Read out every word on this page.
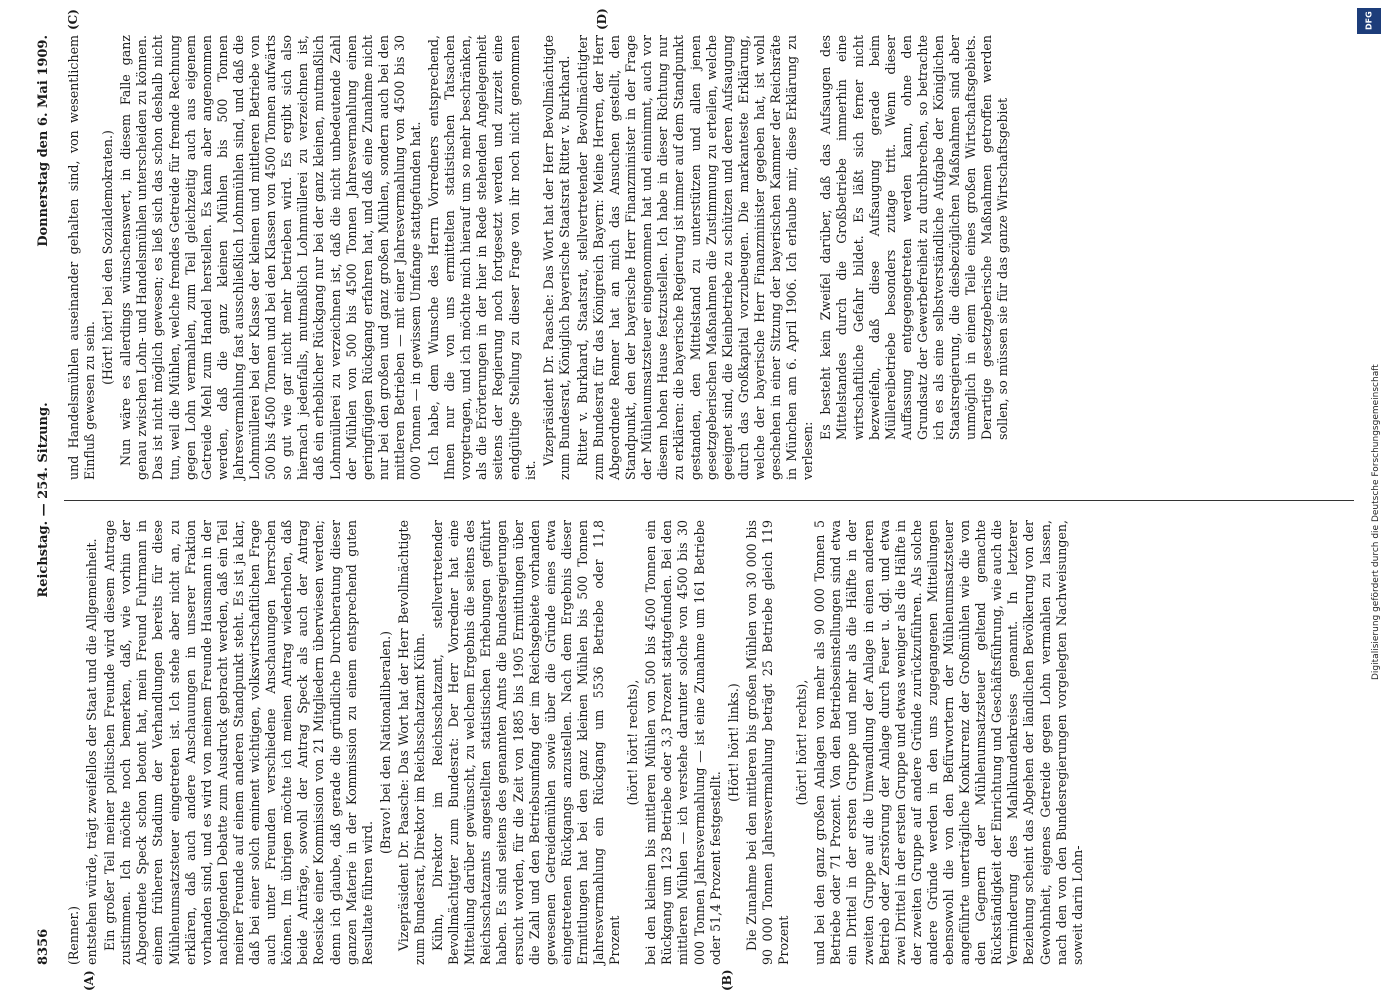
8356
Reichstag. — 254. Sitzung.
Donnerstag den 6. Mai 1909.
(A)	(B)
(C)	(D)

(Renner.) entstehen würde, trägt zweifellos der Staat und die Allgemeinheit. Ein großer Teil meiner politischen Freunde wird diesem Antrage zustimmen. Ich möchte noch bemerken, daß, wie vorhin der Abgeordnete Speck schon betont hat, mein Freund Fuhrmann in einem früheren Stadium der Verhandlungen bereits für diese Mühlenumsatzsteuer eingetreten ist. Ich stehe aber nicht an, zu erklären, daß auch andere Anschauungen in unserer Fraktion vorhanden sind, und es wird von meinem Freunde Hausmann in der nachfolgenden Debatte zum Ausdruck gebracht werden, daß ein Teil meiner Freunde auf einem anderen Standpunkt steht. Es ist ja klar, daß bei einer solch eminent wichtigen, volkswirtschaftlichen Frage auch unter Freunden verschiedene Anschauungen herrschen können. Im übrigen möchte ich meinen Antrag wiederholen, daß beide Anträge, sowohl der Antrag Speck als auch der Antrag Roesicke einer Kommission von 21 Mitgliedern überwiesen werden; denn ich glaube, daß gerade die gründliche Durchberatung dieser ganzen Materie in der Kommission zu einem entsprechend guten Resultate führen wird.

(Bravo! bei den Nationalliberalen.) Vizepräsident Dr. Paasche: Das Wort hat der Herr Bevollmächtigte zum Bundesrat, Direktor im Reichsschatzamt Kühn. Kühn, Direktor im Reichsschatzamt, stellvertretender Bevollmächtigter zum Bundesrat: Der Herr Vorredner hat eine Mitteilung darüber gewünscht, zu welchem Ergebnis die seitens des Reichsschatzamts angestellten statistischen Erhebungen geführt haben. Es sind seitens des genannten Amts die Bundesregierungen ersucht worden, für die Zeit von 1885 bis 1905 Ermittlungen über die Zahl und den Betriebsumfang der im Reichsgebiete vorhanden gewesenen Getreidemühlen sowie über die Gründe eines etwa eingetretenen Rückgangs anzustellen. Nach dem Ergebnis dieser Ermittlungen hat bei den ganz kleinen Mühlen bis 500 Tonnen Jahresvermahlung ein Rückgang um 5536 Betriebe oder 11,8 Prozent

(hört! hört! rechts), bei den kleinen bis mittleren Mühlen von 500 bis 4500 Tonnen ein Rückgang um 123 Betriebe oder 3,3 Prozent stattgefunden. Bei den mittleren Mühlen — ich verstehe darunter solche von 4500 bis 30 000 Tonnen Jahresvermahlung — ist eine Zunahme um 161 Betriebe oder 51,4 Prozent festgestellt.

(Hört! hört! links.) Die Zunahme bei den mittleren bis großen Mühlen von 30 000 bis 90 000 Tonnen Jahresvermahlung beträgt 25 Betriebe gleich 119 Prozent

(hört! hört! rechts), und bei den ganz großen Anlagen von mehr als 90 000 Tonnen 5 Betriebe oder 71 Prozent. Von den Betriebseinstellungen sind etwa ein Drittel in der ersten Gruppe und mehr als die Hälfte in der zweiten Gruppe auf die Umwandlung der Anlage in einen anderen Betrieb oder Zerstörung der Anlage durch Feuer u. dgl. und etwa zwei Drittel in der ersten Gruppe und etwas weniger als die Hälfte in der zweiten Gruppe auf andere Gründe zurückzuführen. Als solche andere Gründe werden in den uns zugegangenen Mitteilungen ebensowohl die von den Befürwortern der Mühlenumsatzsteuer angeführte unerträgliche Konkurrenz der Großmühlen wie die von den Gegnern der Mühlenumsatzsteuer geltend gemachte Rückständigkeit der Einrichtung und Geschäftsführung, wie auch die Verminderung des Mahlkundenkreises genannt. In letzterer Beziehung scheint das Abgehen der ländlichen Bevölkerung von der Gewohnheit, eigenes Getreide gegen Lohn vermahlen zu lassen, nach den von den Bundesregierungen vorgelegten Nachweisungen, soweit darin Lohn-

und Handelsmühlen auseinander gehalten sind, von wesentlichem Einfluß gewesen zu sein.

(Hört! hört! bei den Sozialdemokraten.) Nun wäre es allerdings wünschenswert, in diesem Falle ganz genau zwischen Lohn- und Handelsmühlen unterscheiden zu können. Das ist nicht möglich gewesen; es ließ sich das schon deshalb nicht tun, weil die Mühlen, welche fremdes Getreide für fremde Rechnung gegen Lohn vermahlen, zum Teil gleichzeitig auch aus eigenem Getreide Mehl zum Handel herstellen. Es kann aber angenommen werden, daß die ganz kleinen Mühlen bis 500 Tonnen Jahresvermahlung fast ausschließlich Lohnmühlen sind, und daß die Lohnmüllerei bei der Klasse der kleinen und mittleren Betriebe von 500 bis 4500 Tonnen und bei den Klassen von 4500 Tonnen aufwärts so gut wie gar nicht mehr betrieben wird. Es ergibt sich also hiernach jedenfalls, mutmaßlich Lohnmüllerei zu verzeichnen ist, daß ein erheblicher Rückgang nur bei der ganz kleinen, mutmaßlich Lohnmüllerei zu verzeichnen ist, daß die nicht unbedeutende Zahl der Mühlen von 500 bis 4500 Tonnen Jahresvermahlung einen geringfügigen Rückgang erfahren hat, und daß eine Zunahme nicht nur bei den großen und ganz großen Mühlen, sondern auch bei den mittleren Betrieben — mit einer Jahresvermahlung von 4500 bis 30 000 Tonnen — in gewissem Umfange stattgefunden hat. Ich habe, dem Wunsche des Herrn Vorredners entsprechend, Ihnen nur die von uns ermittelten statistischen Tatsachen vorgetragen, und ich möchte mich hierauf um so mehr beschränken, als die Erörterungen in der hier in Rede stehenden Angelegenheit seitens der Regierung noch fortgesetzt werden und zurzeit eine endgültige Stellung zu dieser Frage von ihr noch nicht genommen ist.

Vizepräsident Dr. Paasche: Das Wort hat der Herr Bevollmächtigte zum Bundesrat, Königlich bayerische Staatsrat Ritter v. Burkhard. Ritter v. Burkhard, Staatsrat, stellvertretender Bevollmächtigter zum Bundesrat für das Königreich Bayern: Meine Herren, der Herr Abgeordnete Renner hat an mich das Ansuchen gestellt, den Standpunkt, den der bayerische Herr Finanzminister in der Frage der Mühlenumsatzsteuer eingenommen hat und einnimmt, auch vor diesem hohen Hause festzustellen. Ich habe in dieser Richtung nur zu erklären: die bayerische Regierung ist immer auf dem Standpunkt gestanden, den Mittelstand zu unterstützen und allen jenen gesetzgeberischen Maßnahmen die Zustimmung zu erteilen, welche geeignet sind, die Kleinbetriebe zu schützen und deren Aufsaugung durch das Großkapital vorzubeugen. Die markanteste Erklärung, welche der bayerische Herr Finanzminister gegeben hat, ist wohl geschehen in einer Sitzung der bayerischen Kammer der Reichsräte in München am 6. April 1906. Ich erlaube mir, diese Erklärung zu verlesen:

Es besteht kein Zweifel darüber, daß das Aufsaugen des Mittelstandes durch die Großbetriebe immerhin eine wirtschaftliche Gefahr bildet. Es läßt sich ferner nicht bezweifeln, daß diese Aufsaugung gerade beim Müllereibetriebe besonders zutage tritt. Wenn dieser Auffassung entgegengetreten werden kann, ohne den Grundsatz der Gewerbefreiheit zu durchbrechen, so betrachte ich es als eine selbstverständliche Aufgabe der Königlichen Staatsregierung, die diesbezüglichen Maßnahmen sind aber unmöglich in einem Teile eines großen Wirtschaftsgebiets. Derartige gesetzgeberische Maßnahmen getroffen werden sollen, so müssen sie für das ganze Wirtschaftsgebiet

DFG
Digitalisierung gefördert durch die Deutsche Forschungsgemeinschaft
